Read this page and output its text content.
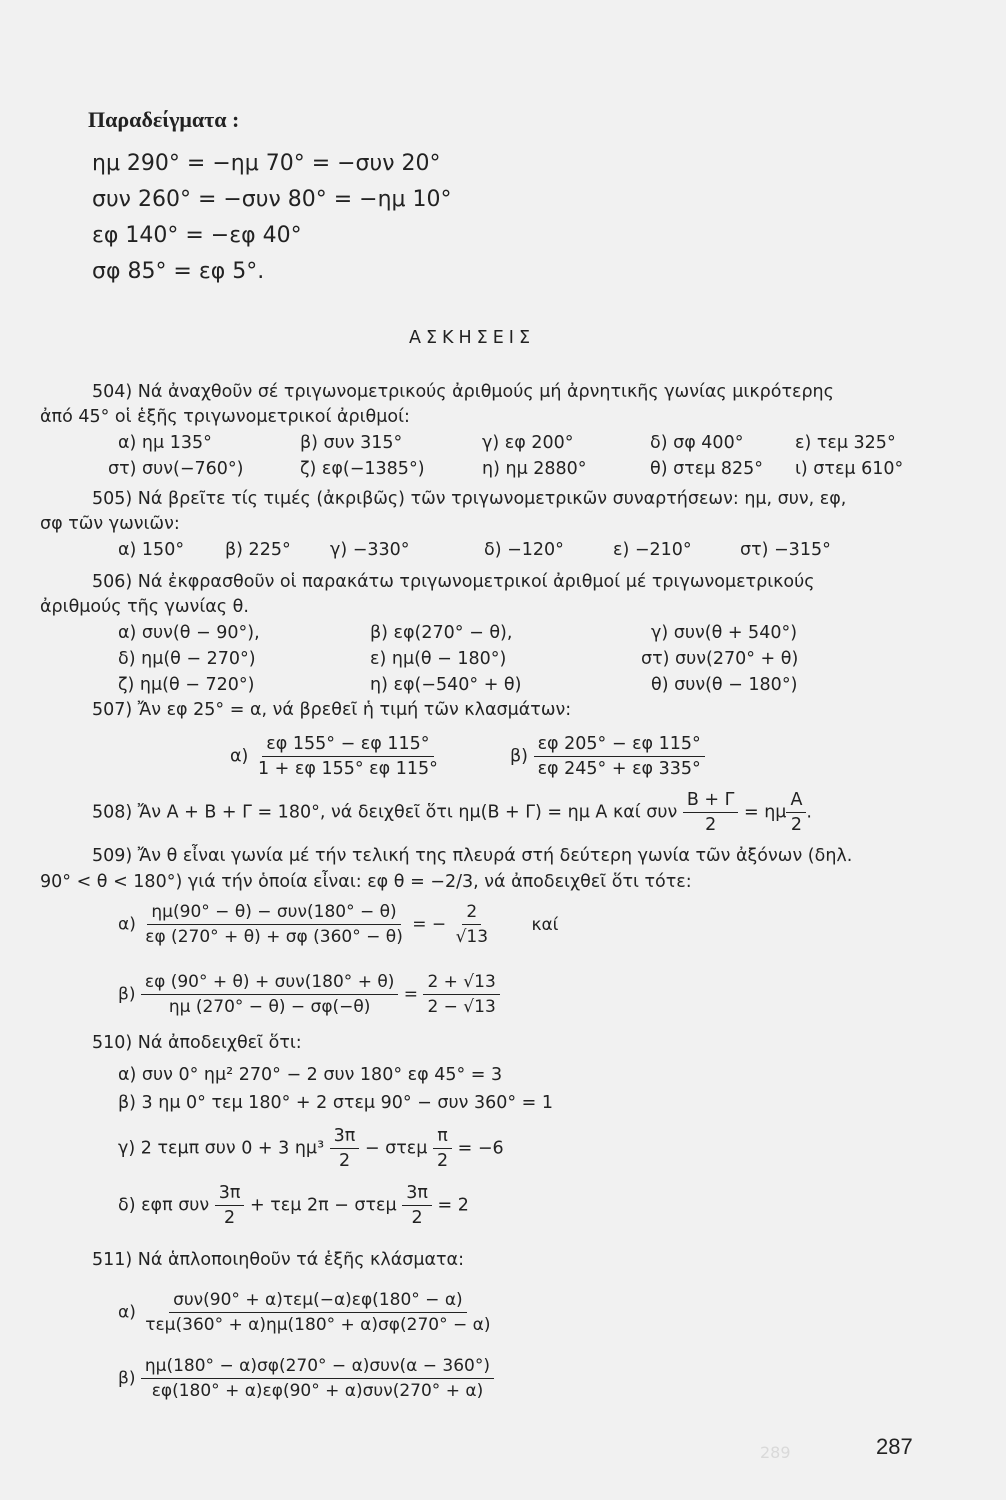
289
Παραδείγματα :
ημ 290° = −ημ 70° = −συν 20°
συν 260° = −συν 80° = −ημ 10°
εφ 140° = −εφ 40°
σφ 85° = εφ 5°.
ΑΣΚΗΣΕΙΣ
504) Νά ἀναχθοῦν σέ τριγωνομετρικούς ἀριθμούς μή ἀρνητικῆς γωνίας μικρότερης
ἀπό 45° οἱ ἑξῆς τριγωνομετρικοί ἀριθμοί:
α) ημ 135°	β) συν 315°	γ) εφ 200°	δ) σφ 400°	ε) τεμ 325°
στ) συν(−760°)	ζ) εφ(−1385°)	η) ημ 2880°	θ) στεμ 825° ι) στεμ 610°
505) Νά βρεῖτε τίς τιμές (ἀκριβῶς) τῶν τριγωνομετρικῶν συναρτήσεων: ημ, συν, εφ,
σφ τῶν γωνιῶν:
α) 150° β) 225° γ) −330°	δ) −120°	ε) −210°	στ) −315°
506) Νά ἐκφρασθοῦν οἱ παρακάτω τριγωνομετρικοί ἀριθμοί μέ τριγωνομετρικούς
ἀριθμούς τῆς γωνίας θ.
α) συν(θ − 90°),	β) εφ(270° − θ),	γ) συν(θ + 540°)
δ) ημ(θ − 270°)	ε) ημ(θ − 180°)	στ) συν(270° + θ)
ζ) ημ(θ − 720°)	η) εφ(−540° + θ)	θ) συν(θ − 180°)
507) Ἄν εφ 25° = α, νά βρεθεῖ ἡ τιμή τῶν κλασμάτων:
$\alpha) \frac{\varepsilon\varphi 155^\circ - \varepsilon\varphi 115^\circ}{1 + \varepsilon\varphi 155^\circ \varepsilon\varphi 115^\circ}$	$\beta) \frac{\varepsilon\varphi 205^\circ - \varepsilon\varphi 115^\circ}{\varepsilon\varphi 245^\circ + \varepsilon\varphi 335^\circ}$
508) Ἄν Α + Β + Γ = 180°, νά δειχθεῖ ὅτι ημ(Β + Γ) = ημ Α καί συν $\frac{B + \Gamma}{2} = \eta\mu \frac{A}{2}$ .
509) Ἄν θ εἶναι γωνία μέ τήν τελική της πλευρά στή δεύτερη γωνία τῶν ἀξόνων (δηλ.
90° < θ < 180°) γιά τήν ὁποία εἶναι: εφ θ = −2/3, νά ἀποδειχθεῖ ὅτι τότε:
$\alpha) \frac{\text{ημ(90° − θ) − συν(180° − θ)}}{\varepsilon\varphi (270^\circ + \theta) + \sigma\varphi (360^\circ - \theta)}$ = − $\frac{2}{√13}$ καί
$\beta) \frac{\text{εφ (90° + θ) + συν(180° + θ)}}{\eta\mu (270^\circ - \theta) - \sigma\varphi(-\theta)} = \frac{2 + √13}{2 - √13}$
510) Νά ἀποδειχθεῖ ὅτι:
α) συν 0° ημ² 270° − 2 συν 180° εφ 45° = 3
β) 3 ημ 0° τεμ 180° + 2 στεμ 90° − συν 360° = 1
γ) 2 τεμπ συν 0 + 3 $\eta\mu^3 \frac{3\pi}{2} - \sigma\tau\varepsilon\mu \frac{\pi}{2} = -6$
δ) εφπ συν $\frac{3\pi}{2} + \tau\varepsilon\mu$ 2π − στεμ $\frac{3\pi}{2} = 2$
511) Νά ἁπλοποιηθοῦν τά ἑξῆς κλάσματα:
$\alpha) \frac{\text{συν(90° + α)τεμ(−α)εφ(180° − α)}}{\text{τεμ(360° + α)ημ(180° + α)σφ(270° − α)}}$
$\beta) \frac{\text{ημ(180° − α)σφ(270° − α)συν(α − 360°)}}{\text{εφ(180° + α)εφ(90° + α)συν(270° + α)}}$
287
